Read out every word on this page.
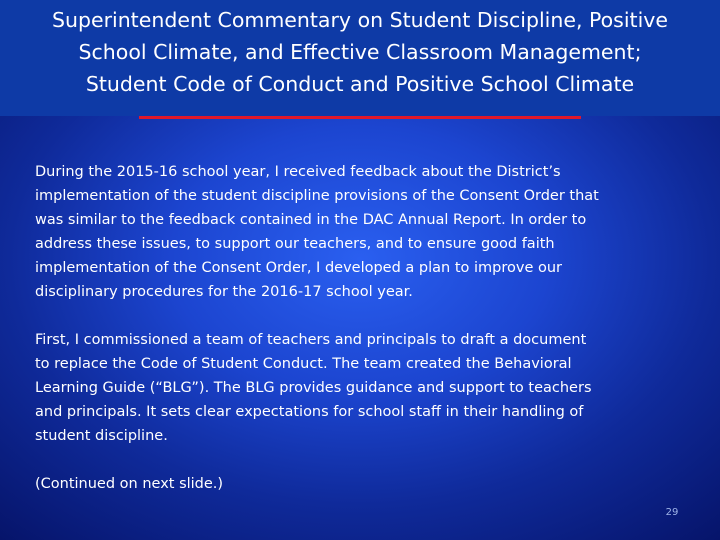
Superintendent Commentary on Student Discipline, Positive
School Climate, and Effective Classroom Management;
Student Code of Conduct and Positive School Climate

During the 2015-16 school year, I received feedback about the District’s
implementation of the student discipline provisions of the Consent Order that
was similar to the feedback contained in the DAC Annual Report. In order to
address these issues, to support our teachers, and to ensure good faith
implementation of the Consent Order, I developed a plan to improve our
disciplinary procedures for the 2016-17 school year.

First, I commissioned a team of teachers and principals to draft a document
to replace the Code of Student Conduct. The team created the Behavioral
Learning Guide (“BLG”). The BLG provides guidance and support to teachers
and principals. It sets clear expectations for school staff in their handling of
student discipline.

(Continued on next slide.)

29
